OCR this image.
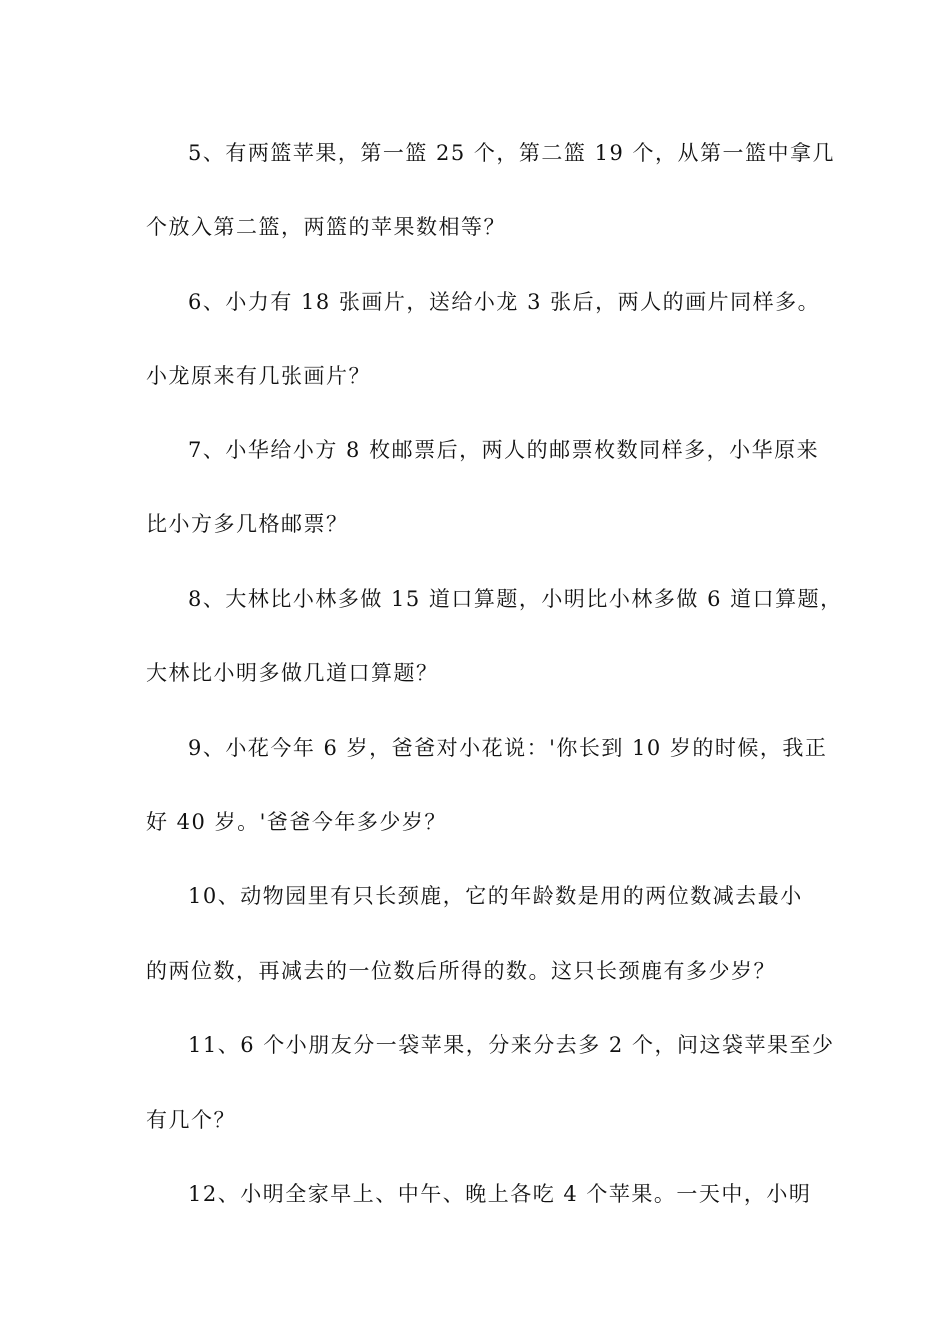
5、有两篮苹果，第一篮 25 个，第二篮 19 个，从第一篮中拿几
个放入第二篮，两篮的苹果数相等？
6、小力有 18 张画片，送给小龙 3 张后，两人的画片同样多。
小龙原来有几张画片？
7、小华给小方 8 枚邮票后，两人的邮票枚数同样多，小华原来
比小方多几格邮票？
8、大林比小林多做 15 道口算题，小明比小林多做 6 道口算题，
大林比小明多做几道口算题？
9、小花今年 6 岁，爸爸对小花说：'你长到 10 岁的时候，我正
好 40 岁。'爸爸今年多少岁？
10、动物园里有只长颈鹿，它的年龄数是用的两位数减去最小
的两位数，再减去的一位数后所得的数。这只长颈鹿有多少岁？
11、6 个小朋友分一袋苹果，分来分去多 2 个，问这袋苹果至少
有几个？
12、小明全家早上、中午、晚上各吃 4 个苹果。一天中，小明
